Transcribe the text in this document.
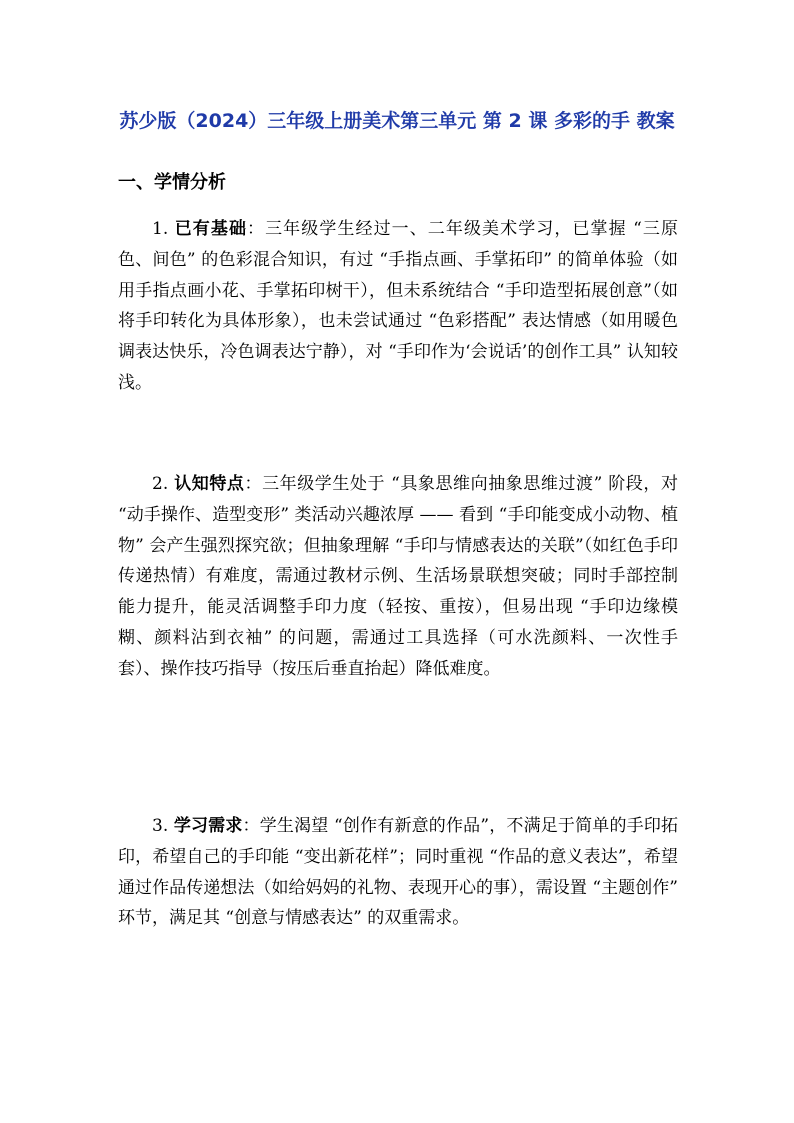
苏少版（2024）三年级上册美术第三单元 第 2 课 多彩的手 教案
一、学情分析

1. 已有基础：三年级学生经过一、二年级美术学习，已掌握 “三原色、间色” 的色彩混合知识，有过 “手指点画、手掌拓印” 的简单体验（如用手指点画小花、手掌拓印树干），但未系统结合 “手印造型拓展创意”（如将手印转化为具体形象），也未尝试通过 “色彩搭配” 表达情感（如用暖色调表达快乐，冷色调表达宁静），对 “手印作为‘会说话’的创作工具” 认知较浅。

2. 认知特点：三年级学生处于 “具象思维向抽象思维过渡” 阶段，对 “动手操作、造型变形” 类活动兴趣浓厚 —— 看到 “手印能变成小动物、植物” 会产生强烈探究欲；但抽象理解 “手印与情感表达的关联”（如红色手印传递热情）有难度，需通过教材示例、生活场景联想突破；同时手部控制能力提升，能灵活调整手印力度（轻按、重按），但易出现 “手印边缘模糊、颜料沾到衣袖” 的问题，需通过工具选择（可水洗颜料、一次性手套）、操作技巧指导（按压后垂直抬起）降低难度。

3. 学习需求：学生渴望 “创作有新意的作品”，不满足于简单的手印拓印，希望自己的手印能 “变出新花样”；同时重视 “作品的意义表达”，希望通过作品传递想法（如给妈妈的礼物、表现开心的事），需设置 “主题创作” 环节，满足其 “创意与情感表达” 的双重需求。
